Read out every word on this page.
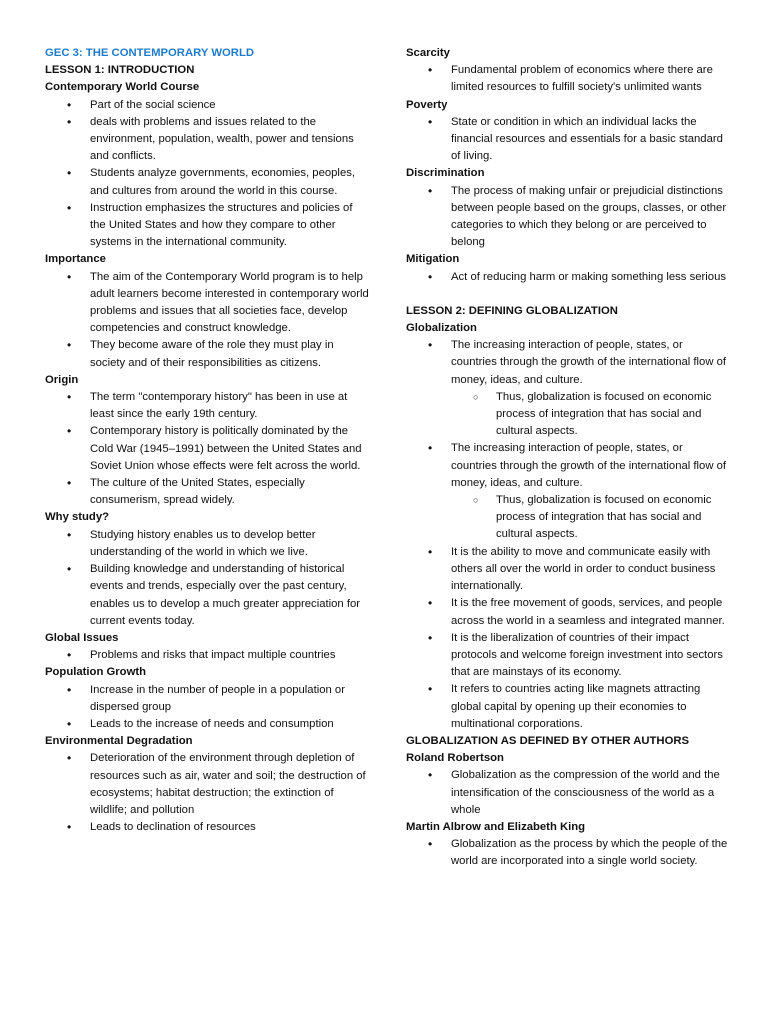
GEC 3: THE CONTEMPORARY WORLD
LESSON 1: INTRODUCTION
Contemporary World Course
• Part of the social science
• deals with problems and issues related to the environment, population, wealth, power and tensions and conflicts.
• Students analyze governments, economies, peoples, and cultures from around the world in this course.
• Instruction emphasizes the structures and policies of the United States and how they compare to other systems in the international community.
Importance
• The aim of the Contemporary World program is to help adult learners become interested in contemporary world problems and issues that all societies face, develop competencies and construct knowledge.
• They become aware of the role they must play in society and of their responsibilities as citizens.
Origin
• The term "contemporary history" has been in use at least since the early 19th century.
• Contemporary history is politically dominated by the Cold War (1945–1991) between the United States and Soviet Union whose effects were felt across the world.
• The culture of the United States, especially consumerism, spread widely.
Why study?
• Studying history enables us to develop better understanding of the world in which we live.
• Building knowledge and understanding of historical events and trends, especially over the past century, enables us to develop a much greater appreciation for current events today.
Global Issues
• Problems and risks that impact multiple countries
Population Growth
• Increase in the number of people in a population or dispersed group
• Leads to the increase of needs and consumption
Environmental Degradation
• Deterioration of the environment through depletion of resources such as air, water and soil; the destruction of ecosystems; habitat destruction; the extinction of wildlife; and pollution
• Leads to declination of resources
Scarcity
• Fundamental problem of economics where there are limited resources to fulfill society's unlimited wants
Poverty
• State or condition in which an individual lacks the financial resources and essentials for a basic standard of living.
Discrimination
• The process of making unfair or prejudicial distinctions between people based on the groups, classes, or other categories to which they belong or are perceived to belong
Mitigation
• Act of reducing harm or making something less serious
LESSON 2: DEFINING GLOBALIZATION
Globalization
• The increasing interaction of people, states, or countries through the growth of the international flow of money, ideas, and culture.
○ Thus, globalization is focused on economic process of integration that has social and cultural aspects.
• The increasing interaction of people, states, or countries through the growth of the international flow of money, ideas, and culture.
○ Thus, globalization is focused on economic process of integration that has social and cultural aspects.
• It is the ability to move and communicate easily with others all over the world in order to conduct business internationally.
• It is the free movement of goods, services, and people across the world in a seamless and integrated manner.
• It is the liberalization of countries of their impact protocols and welcome foreign investment into sectors that are mainstays of its economy.
• It refers to countries acting like magnets attracting global capital by opening up their economies to multinational corporations.
GLOBALIZATION AS DEFINED BY OTHER AUTHORS
Roland Robertson
• Globalization as the compression of the world and the intensification of the consciousness of the world as a whole
Martin Albrow and Elizabeth King
• Globalization as the process by which the people of the world are incorporated into a single world society.
